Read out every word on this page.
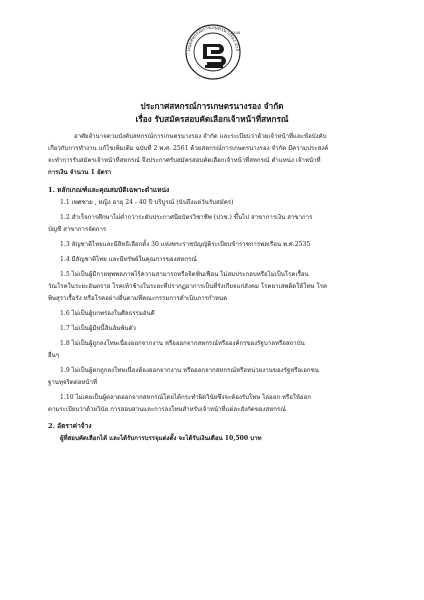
มนุมสหกรณ์การเกษตรนางรอง จำกั
2544
ประกาศสหกรณ์การเกษตรนางรอง จำกัด
เรื่อง รับสมัครสอบคัดเลือกเจ้าหน้าที่สหกรณ์
อาศัยอำนาจตามบังคับสหกรณ์การเกษตรนางรอง จำกัด และระเบียบว่าด้วยเจ้าหน้าที่และข้อบังคับ
เกี่ยวกับการทำงาน แก้ไขเพิ่มเติม ฉบับที่ 2 พ.ศ. 2561 ด้วยสหกรณ์การเกษตรนางรอง จำกัด มีความประสงค์
จะทำการรับสมัครเจ้าหน้าที่สหกรณ์ จึงประกาศรับสมัครสอบคัดเลือกเจ้าหน้าที่สหกรณ์ ตำแหน่ง เจ้าหน้าที่
การเงิน จำนวน 1 อัตรา
1. หลักเกณฑ์และคุณสมบัติเฉพาะตำแหน่ง
1.1 เพศชาย , หญิง อายุ 24 - 40 ปี บริบูรณ์ (นับถึงแต่วันรับสมัคร)
1.2 สำเร็จการศึกษาไม่ต่ำกว่าระดับประกาศนียบัตรวิชาชีพ (ปวช.) ขึ้นไป สาขาการเงิน สาขาการ
บัญชี สาขาการจัดการ
1.3 สัญชาติไทยและมีสิทธิเลือกตั้ง 30 แห่งพระราชบัญญัติระเบียบข้าราชการพลเรือน พ.ศ.2535
1.4 มีสัญชาติไทย และมีทรัพย์ในคุณการของสหกรณ์
1.5 ไม่เป็นผู้มีกายทุพพลภาพไร้ความสามารถหรือจิตฟั่นเฟือน ไม่สมประกอบหรือไม่เป็นโรคเรื้อน
วัณโรคในระยะอันตราย โรคเท้าช้างในระยะที่ปรากฏอาการเป็นที่รังเกียจแก่สังคม โรคยาเสพติดให้โทษ โรค
พิษสุราเรื้อรัง หรือโรคอย่างอื่นตามที่คณะกรรมการดำเนินการกำหนด
1.6 ไม่เป็นผู้บกพร่องในศีลธรรมอันดี
1.7 ไม่เป็นผู้มีหนี้สินล้นพ้นตัว
1.8 ไม่เป็นผู้ถูกลงโทษเนื่องออกจากงาน หรือออกจากสหกรณ์หรือองค์กรของรัฐบาลหรือสถาบัน
อื่นๆ
1.9 ไม่เป็นผู้ตกถูกลงโทษเนื่องต้องออกจากงาน หรือออกจากสหกรณ์หรือหน่วยงานของรัฐหรือเอกชน
ฐานทุจริตต่อหน้าที่
1.10 ไม่เคยเป็นผู้ตลาดออกจากสหกรณ์โดยได้กระทำผิดวินัยซึ่งจะต้องรับโทษ ไล่ออก หรือให้ออก
ตามระเบียบว่าด้วยวินัย การสอบสวนและการลงโทษสำหรับเจ้าหน้าที่แต่ละสังกัดของสหกรณ์
2. อัตราค่าจ้าง
ผู้ที่สอบคัดเลือกได้ และได้รับการบรรจุแต่งตั้ง จะได้รับเงินเดือน 10,500 บาท
